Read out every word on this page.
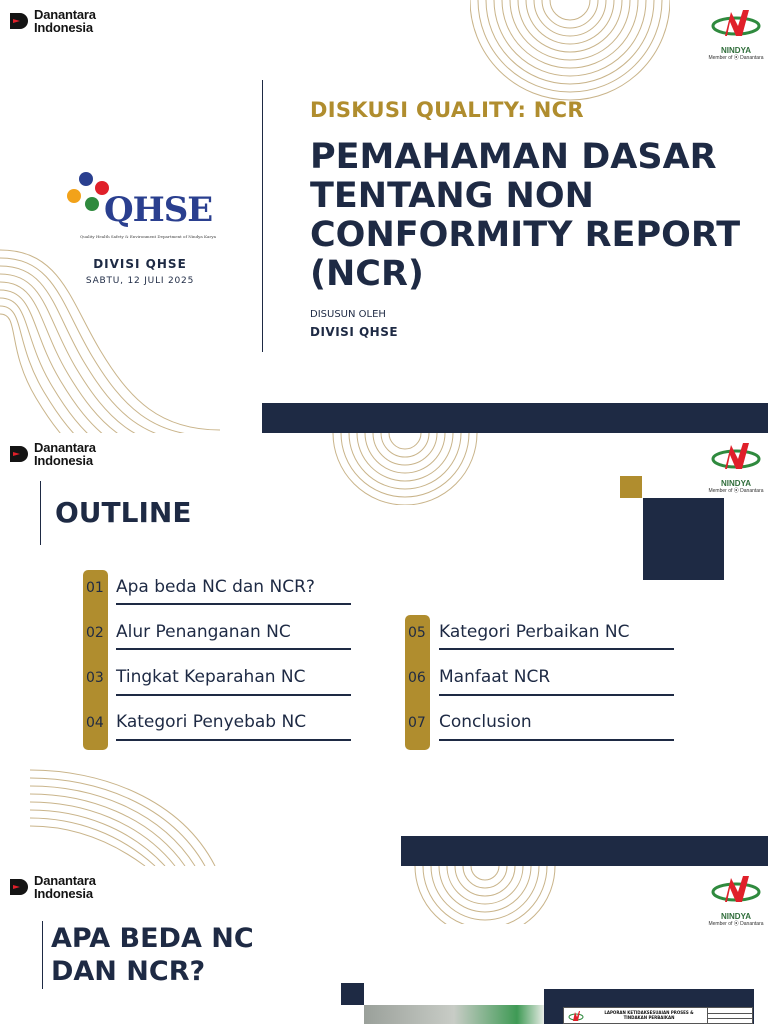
Danantara
Indonesia
NINDYA
Member of ⦿ Danantara
QHSE
Quality Health Safety & Environment Department of Nindya Karya
DIVISI QHSE
SABTU, 12 JULI 2025
DISKUSI QUALITY: NCR
PEMAHAMAN DASAR TENTANG NON CONFORMITY REPORT (NCR)
DISUSUN OLEH
DIVISI QHSE
Danantara
Indonesia
NINDYA
Member of ⦿ Danantara
OUTLINE
01 Apa beda NC dan NCR?
02 Alur Penanganan NC
03 Tingkat Keparahan NC
04 Kategori Penyebab NC
05 Kategori Perbaikan NC
06 Manfaat NCR
07 Conclusion
Danantara
Indonesia
NINDYA
Member of ⦿ Danantara
APA BEDA NC DAN NCR?
LAPORAN KETIDAKSESUAIAN PROSES & TINDAKAN PERBAIKAN
